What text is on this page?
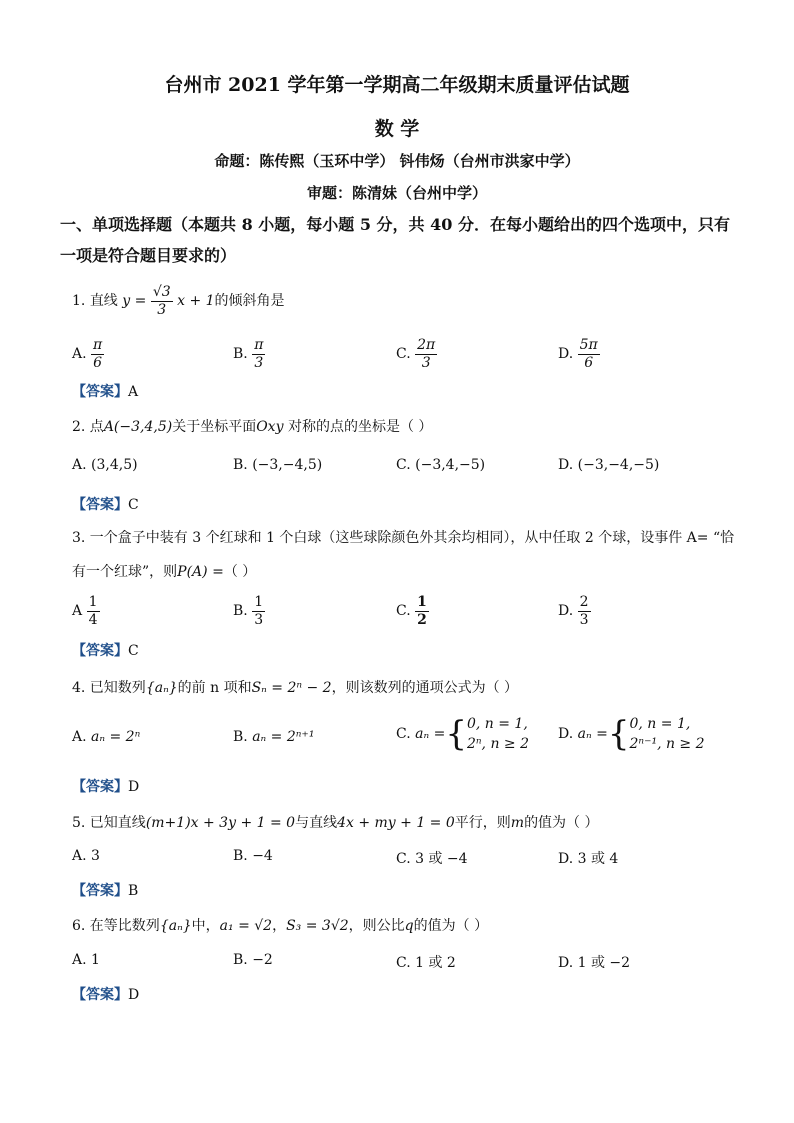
台州市 2021 学年第一学期高二年级期末质量评估试题
数 学
命题：陈传熙（玉环中学） 钭伟炀（台州市洪家中学）
审题：陈清妹（台州中学）
一、单项选择题（本题共 8 小题，每小题 5 分，共 40 分．在每小题给出的四个选项中，只有
一项是符合题目要求的）
1. 直线 $y = \frac{√3}{3}$ x + 1的倾斜角是
A. $\frac{\pi}{6}$	B. $\frac{\pi}{3}$	C. $\frac{2\pi}{3}$	D. $\frac{5\pi}{6}$
【答案】A
2. 点A(−3,4,5)关于坐标平面Oxy 对称的点的坐标是（ ）
A. (3,4,5)	B. (−3,−4,5)	C. (−3,4,−5)	D. (−3,−4,−5)
【答案】C
3. 一个盒子中装有 3 个红球和 1 个白球（这些球除颜色外其余均相同），从中任取 2 个球，设事件 A= “恰
有一个红球”，则P(A) =（ ）
A $\frac{1}{4}$	B. $\frac{1}{3}$	C. $\frac{1}{2}$	D. $\frac{2}{3}$
【答案】C
4. 已知数列{aₙ}的前 n 项和Sₙ = 2ⁿ − 2，则该数列的通项公式为（ ）
A. aₙ = 2ⁿ	B. aₙ = 2ⁿ⁺¹	C. aₙ ={ 0, n = 1,
2ⁿ, n ≥ 2
D. aₙ ={ 0, n = 1,
2ⁿ⁻¹, n ≥ 2
【答案】D
5. 已知直线(m+1)x + 3y + 1 = 0与直线4x + my + 1 = 0平行，则m的值为（ ）
A. 3	B. −4	C. 3 或 −4	D. 3 或 4
【答案】B
6. 在等比数列{aₙ}中，a₁ = √2，S₃ = 3√2，则公比q的值为（ ）
A. 1	B. −2	C. 1 或 2	D. 1 或 −2
【答案】D
